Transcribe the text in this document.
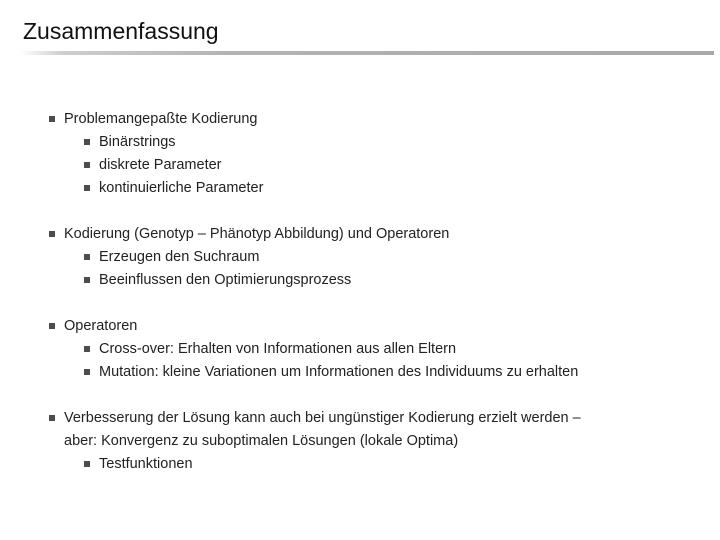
Zusammenfassung
Problemangepaßte Kodierung
Binärstrings
diskrete Parameter
kontinuierliche Parameter
Kodierung (Genotyp – Phänotyp Abbildung) und Operatoren
Erzeugen den Suchraum
Beeinflussen den Optimierungsprozess
Operatoren
Cross-over: Erhalten von Informationen aus allen Eltern
Mutation: kleine Variationen um Informationen des Individuums zu erhalten
Verbesserung der Lösung kann auch bei ungünstiger Kodierung erzielt werden –
aber: Konvergenz zu suboptimalen Lösungen (lokale Optima)
Testfunktionen
